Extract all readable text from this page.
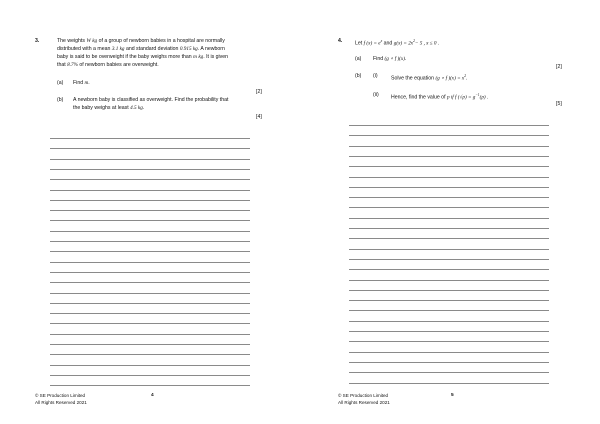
3.	The weights W kg of a group of newborn babies in a hospital are normally
distributed with a mean 3.1 kg and standard deviation 0.915 kg. A newborn
baby is said to be overweight if the baby weighs more than m kg. It is given
that 8.7% of newborn babies are overweight.
(a) Find m.
[2]
(b) A newborn baby is classified as overweight. Find the probability that
the baby weighs at least 4.5 kg.
[4]
© SE Production Limited
All Rights Reserved 2021
4
4. Let f $(x) = e^x$ and $g(x) = 2x^2- 5$ , x ≤ 0 .
(a) Find (g ∘ f )(x).
[2]
(b) (i)	Solve the equation (g ∘ f )$(x) = x^2$.
(ii) Hence, find the value of p if f $(√p) = g^{-1}(p)$ .
[5]
© SE Production Limited
All Rights Reserved 2021
5
